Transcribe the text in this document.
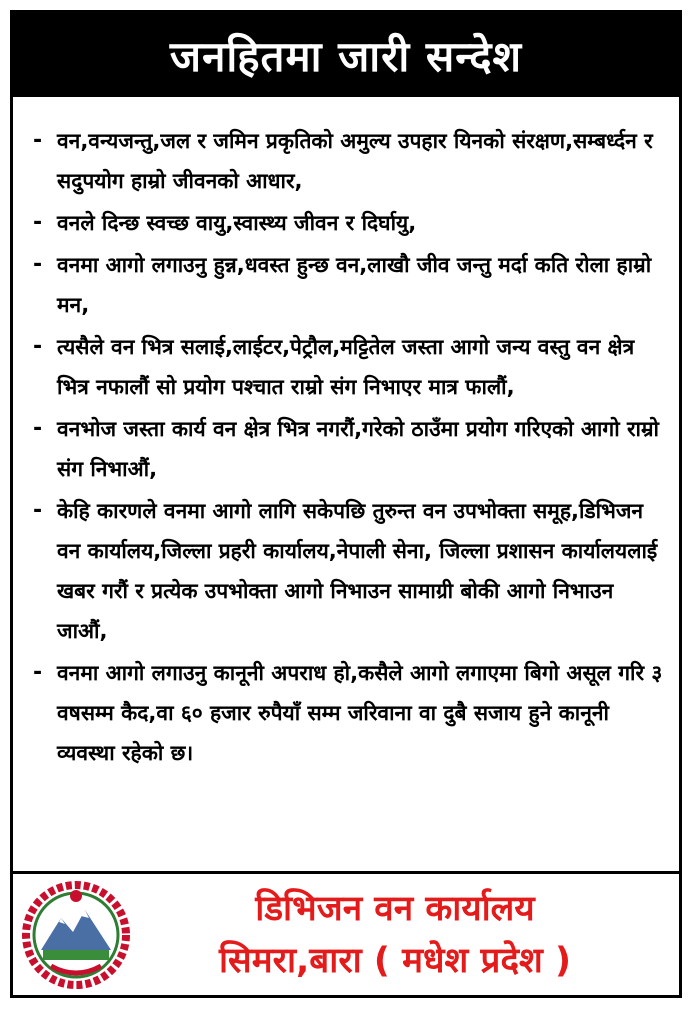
जनहितमा जारी सन्देश
- वन,वन्यजन्तु,जल र जमिन प्रकृतिको अमुल्य उपहार यिनको संरक्षण,सम्बर्ध्दन र सदुपयोग हाम्रो जीवनको आधार,
- वनले दिन्छ स्वच्छ वायु,स्वास्थ्य जीवन र दिर्घायु,
- वनमा आगो लगाउनु हुन्न,धवस्त हुन्छ वन,लाखौ जीव जन्तु मर्दा कति रोला हाम्रो मन,
- त्यसैले वन भित्र सलाई,लाईटर,पेट्रौल,मट्टितेल जस्ता आगो जन्य वस्तु वन क्षेत्र भित्र नफालौं सो प्रयोग पश्चात राम्रो संग निभाएर मात्र फालौं,
- वनभोज जस्ता कार्य वन क्षेत्र भित्र नगरौं,गरेको ठाउँमा प्रयोग गरिएको आगो राम्रो संग निभाऔं,
- केहि कारणले वनमा आगो लागि सकेपछि तुरुन्त वन उपभोक्ता समूह,डिभिजन वन कार्यालय,जिल्ला प्रहरी कार्यालय,नेपाली सेना, जिल्ला प्रशासन कार्यालयलाई खबर गरौं र प्रत्येक उपभोक्ता आगो निभाउन सामाग्री बोकी आगो निभाउन जाऔं,
- वनमा आगो लगाउनु कानूनी अपराध हो,कसैले आगो लगाएमा बिगो असूल गरि ३ वषसम्म कैद,वा ६० हजार रुपैयाँ सम्म जरिवाना वा दुबै सजाय हुने कानूनी व्यवस्था रहेको छ।
डिभिजन वन कार्यालय
सिमरा,बारा ( मधेश प्रदेश )
